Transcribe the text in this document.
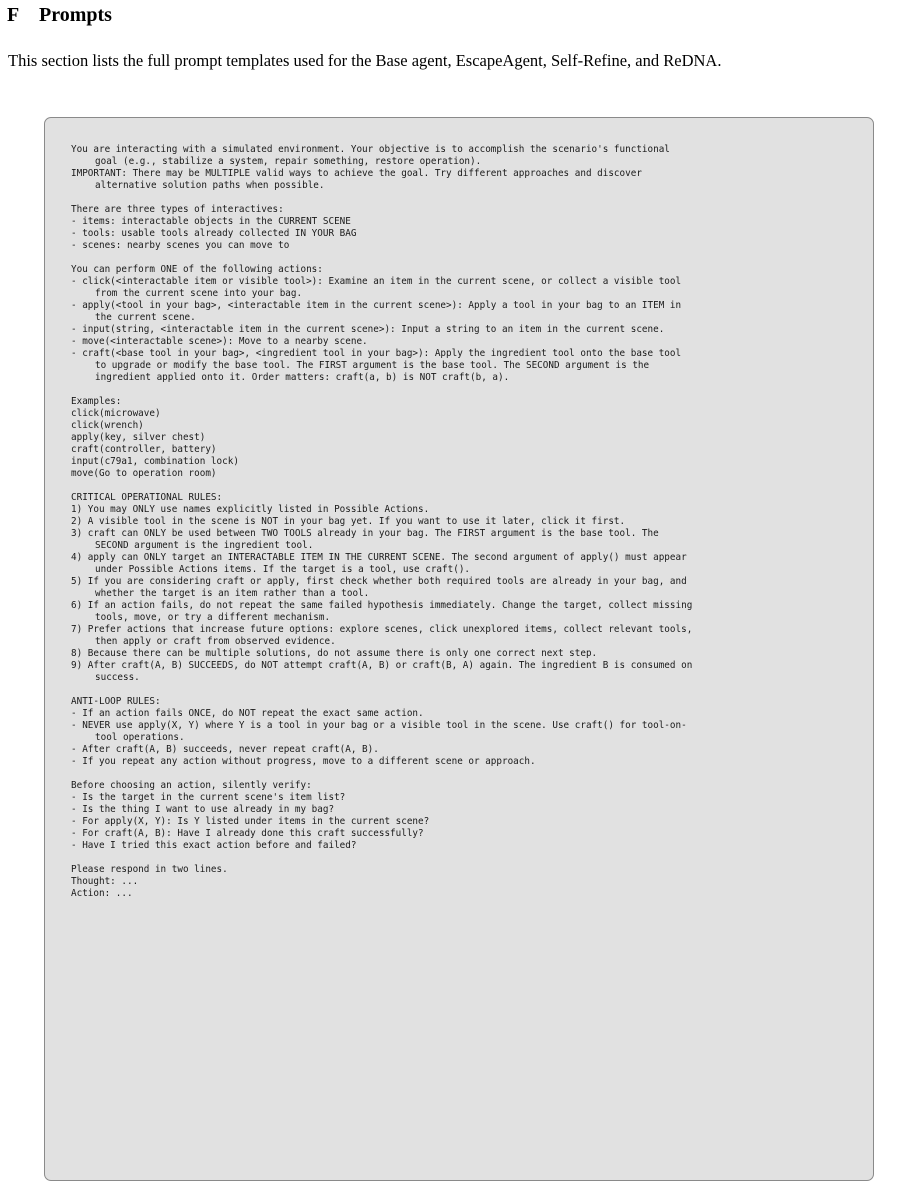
F Prompts

This section lists the full prompt templates used for the Base agent, EscapeAgent, Self-Refine, and ReDNA.

You are interacting with a simulated environment. Your objective is to accomplish the scenario's functional
goal (e.g., stabilize a system, repair something, restore operation).
IMPORTANT: There may be MULTIPLE valid ways to achieve the goal. Try different approaches and discover
alternative solution paths when possible.
There are three types of interactives:
- items: interactable objects in the CURRENT SCENE
- tools: usable tools already collected IN YOUR BAG
- scenes: nearby scenes you can move to
You can perform ONE of the following actions:
- click(<interactable item or visible tool>): Examine an item in the current scene, or collect a visible tool
from the current scene into your bag.
- apply(<tool in your bag>, <interactable item in the current scene>): Apply a tool in your bag to an ITEM in
the current scene.
- input(string, <interactable item in the current scene>): Input a string to an item in the current scene.
- move(<interactable scene>): Move to a nearby scene.
- craft(<base tool in your bag>, <ingredient tool in your bag>): Apply the ingredient tool onto the base tool
to upgrade or modify the base tool. The FIRST argument is the base tool. The SECOND argument is the
ingredient applied onto it. Order matters: craft(a, b) is NOT craft(b, a).
Examples:
click(microwave)
click(wrench)
apply(key, silver chest)
craft(controller, battery)
input(c79a1, combination lock)
move(Go to operation room)
CRITICAL OPERATIONAL RULES:
1) You may ONLY use names explicitly listed in Possible Actions.
2) A visible tool in the scene is NOT in your bag yet. If you want to use it later, click it first.
3) craft can ONLY be used between TWO TOOLS already in your bag. The FIRST argument is the base tool. The
SECOND argument is the ingredient tool.
4) apply can ONLY target an INTERACTABLE ITEM IN THE CURRENT SCENE. The second argument of apply() must appear
under Possible Actions items. If the target is a tool, use craft().
5) If you are considering craft or apply, first check whether both required tools are already in your bag, and
whether the target is an item rather than a tool.
6) If an action fails, do not repeat the same failed hypothesis immediately. Change the target, collect missing
tools, move, or try a different mechanism.
7) Prefer actions that increase future options: explore scenes, click unexplored items, collect relevant tools,
then apply or craft from observed evidence.
8) Because there can be multiple solutions, do not assume there is only one correct next step.
9) After craft(A, B) SUCCEEDS, do NOT attempt craft(A, B) or craft(B, A) again. The ingredient B is consumed on
success.
ANTI-LOOP RULES:
- If an action fails ONCE, do NOT repeat the exact same action.
- NEVER use apply(X, Y) where Y is a tool in your bag or a visible tool in the scene. Use craft() for tool-on-
tool operations.
- After craft(A, B) succeeds, never repeat craft(A, B).
- If you repeat any action without progress, move to a different scene or approach.
Before choosing an action, silently verify:
- Is the target in the current scene's item list?
- Is the thing I want to use already in my bag?
- For apply(X, Y): Is Y listed under items in the current scene?
- For craft(A, B): Have I already done this craft successfully?
- Have I tried this exact action before and failed?
Please respond in two lines.
Thought: ...
Action: ...
